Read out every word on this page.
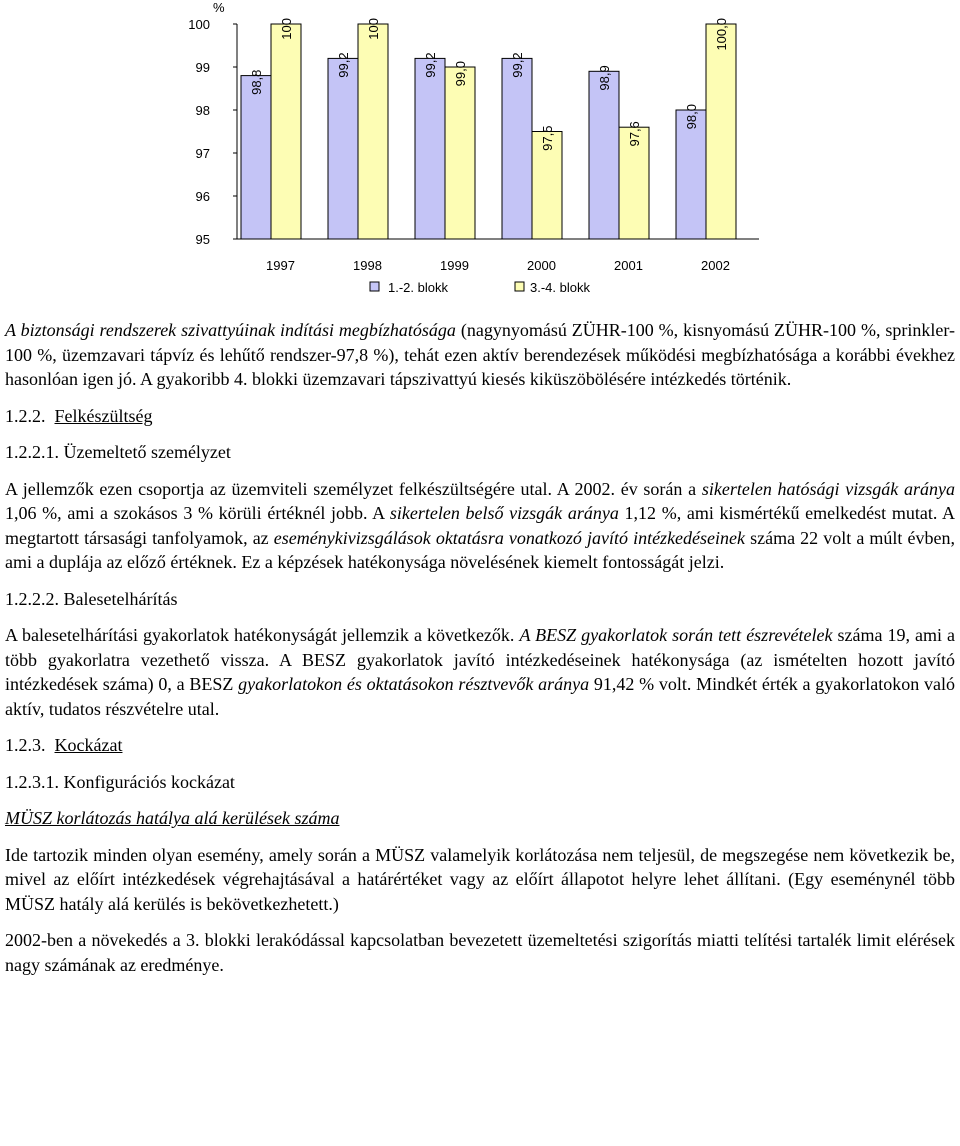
%
100
99
98
97
96
95
98,8
100
99,2
100
99,2 99,0	99,2
97,5
98,9
97,6
98,0
100,0
1997	1998	1999	2000	2001	2002
1.-2. blokk	3.-4. blokk

A biztonsági rendszerek szivattyúinak indítási megbízhatósága (nagynyomású ZÜHR-100 %, kisnyomású ZÜHR-100 %, sprinkler-100 %, üzemzavari tápvíz és lehűtő rendszer-97,8 %), tehát ezen aktív berendezések működési megbízhatósága a korábbi évekhez hasonlóan igen jó. A gyakoribb 4. blokki üzemzavari tápszivattyú kiesés kiküszöbölésére intézkedés történik.

1.2.2. Felkészültség
1.2.2.1. Üzemeltető személyzet

A jellemzők ezen csoportja az üzemviteli személyzet felkészültségére utal. A 2002. év során a sikertelen hatósági vizsgák aránya 1,06 %, ami a szokásos 3 % körüli értéknél jobb. A sikertelen belső vizsgák aránya 1,12 %, ami kismértékű emelkedést mutat. A megtartott társasági tanfolyamok, az eseménykivizsgálások oktatásra vonatkozó javító intézkedéseinek száma 22 volt a múlt évben, ami a duplája az előző értéknek. Ez a képzések hatékonysága növelésének kiemelt fontosságát jelzi.

1.2.2.2. Balesetelhárítás

A balesetelhárítási gyakorlatok hatékonyságát jellemzik a következők. A BESZ gyakorlatok során tett észrevételek száma 19, ami a több gyakorlatra vezethető vissza. A BESZ gyakorlatok javító intézkedéseinek hatékonysága (az ismételten hozott javító intézkedések száma) 0, a BESZ gyakorlatokon és oktatásokon résztvevők aránya 91,42 % volt. Mindkét érték a gyakorlatokon való aktív, tudatos részvételre utal.

1.2.3. Kockázat
1.2.3.1. Konfigurációs kockázat
MÜSZ korlátozás hatálya alá kerülések száma

Ide tartozik minden olyan esemény, amely során a MÜSZ valamelyik korlátozása nem teljesül, de megszegése nem következik be, mivel az előírt intézkedések végrehajtásával a határértéket vagy az előírt állapotot helyre lehet állítani. (Egy eseménynél több MÜSZ hatály alá kerülés is bekövetkezhetett.)

2002-ben a növekedés a 3. blokki lerakódással kapcsolatban bevezetett üzemeltetési szigorítás miatti telítési tartalék limit elérések nagy számának az eredménye.
